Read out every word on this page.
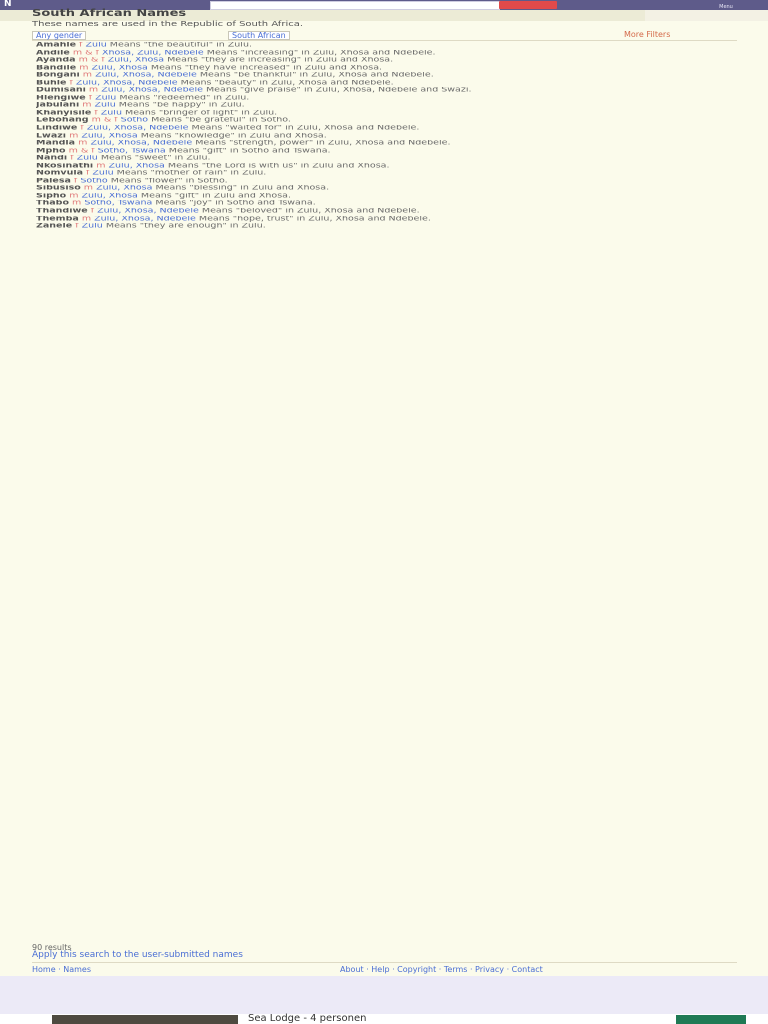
N	Menu
South African Names
These names are used in the Republic of South Africa.
Any gender	South African	More Filters
Amahle f Zulu Means "the beautiful" in Zulu.
Andile m & f Xhosa, Zulu, Ndebele Means "increasing" in Zulu, Xhosa and Ndebele.
Ayanda m & f Zulu, Xhosa Means "they are increasing" in Zulu and Xhosa.
Bandile m Zulu, Xhosa Means "they have increased" in Zulu and Xhosa.
Bongani m Zulu, Xhosa, Ndebele Means "be thankful" in Zulu, Xhosa and Ndebele.
Buhle f Zulu, Xhosa, Ndebele Means "beauty" in Zulu, Xhosa and Ndebele.
Dumisani m Zulu, Xhosa, Ndebele Means "give praise" in Zulu, Xhosa, Ndebele and Swazi.
Hlengiwe f Zulu Means "redeemed" in Zulu.
Jabulani m Zulu Means "be happy" in Zulu.
Khanyisile f Zulu Means "bringer of light" in Zulu.
Lebohang m & f Sotho Means "be grateful" in Sotho.
Lindiwe f Zulu, Xhosa, Ndebele Means "waited for" in Zulu, Xhosa and Ndebele.
Lwazi m Zulu, Xhosa Means "knowledge" in Zulu and Xhosa.
Mandla m Zulu, Xhosa, Ndebele Means "strength, power" in Zulu, Xhosa and Ndebele.
Mpho m & f Sotho, Tswana Means "gift" in Sotho and Tswana.
Nandi f Zulu Means "sweet" in Zulu.
Nkosinathi m Zulu, Xhosa Means "the Lord is with us" in Zulu and Xhosa.
Nomvula f Zulu Means "mother of rain" in Zulu.
Palesa f Sotho Means "flower" in Sotho.
Sibusiso m Zulu, Xhosa Means "blessing" in Zulu and Xhosa.
Sipho m Zulu, Xhosa Means "gift" in Zulu and Xhosa.
Thabo m Sotho, Tswana Means "joy" in Sotho and Tswana.
Thandiwe f Zulu, Xhosa, Ndebele Means "beloved" in Zulu, Xhosa and Ndebele.
Themba m Zulu, Xhosa, Ndebele Means "hope, trust" in Zulu, Xhosa and Ndebele.
Zanele f Zulu Means "they are enough" in Zulu.
90 results
Apply this search to the user-submitted names
Home · Names	About · Help · Copyright · Terms · Privacy · Contact
Sea Lodge - 4 personen
